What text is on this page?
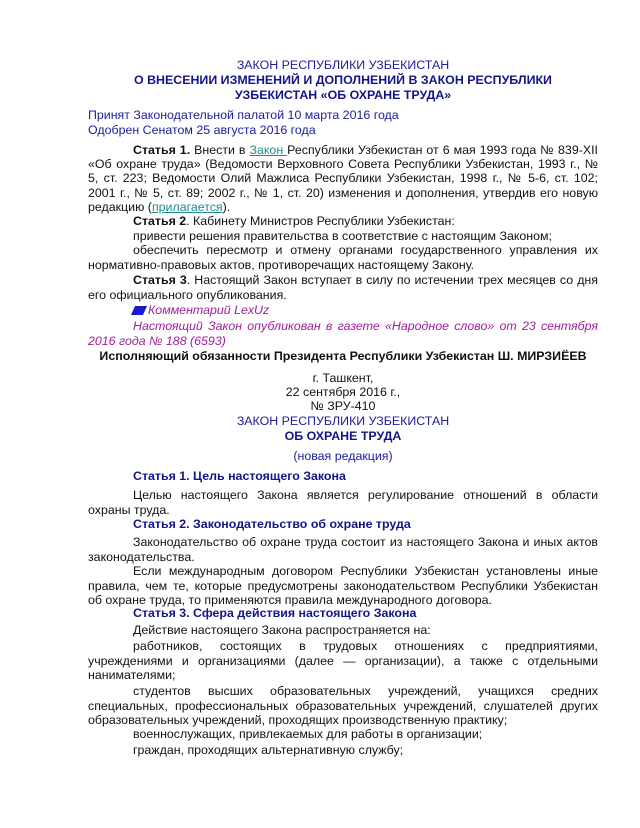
ЗАКОН РЕСПУБЛИКИ УЗБЕКИСТАН
О ВНЕСЕНИИ ИЗМЕНЕНИЙ И ДОПОЛНЕНИЙ В ЗАКОН РЕСПУБЛИКИ
УЗБЕКИСТАН «ОБ ОХРАНЕ ТРУДА»
Принят Законодательной палатой 10 марта 2016 года
Одобрен Сенатом 25 августа 2016 года
Статья 1. Внести в Закон Республики Узбекистан от 6 мая 1993 года № 839-XII «Об охране труда» (Ведомости Верховного Совета Республики Узбекистан, 1993 г., № 5, ст. 223; Ведомости Олий Мажлиса Республики Узбекистан, 1998 г., № 5-6, ст. 102; 2001 г., № 5, ст. 89; 2002 г., № 1, ст. 20) изменения и дополнения, утвердив его новую редакцию (прилагается).
Статья 2. Кабинету Министров Республики Узбекистан:
привести решения правительства в соответствие с настоящим Законом;
обеспечить пересмотр и отмену органами государственного управления их нормативно-правовых актов, противоречащих настоящему Закону.
Статья 3. Настоящий Закон вступает в силу по истечении трех месяцев со дня его официального опубликования.
Комментарий LexUz
Настоящий Закон опубликован в газете «Народное слово» от 23 сентября 2016 года № 188 (6593)
Исполняющий обязанности Президента Республики Узбекистан Ш. МИРЗИЁЕВ
г. Ташкент,
22 сентября 2016 г.,
№ ЗРУ-410
ЗАКОН РЕСПУБЛИКИ УЗБЕКИСТАН
ОБ ОХРАНЕ ТРУДА
(новая редакция)
Статья 1. Цель настоящего Закона
Целью настоящего Закона является регулирование отношений в области охраны труда.
Статья 2. Законодательство об охране труда
Законодательство об охране труда состоит из настоящего Закона и иных актов законодательства.
Если международным договором Республики Узбекистан установлены иные правила, чем те, которые предусмотрены законодательством Республики Узбекистан об охране труда, то применяются правила международного договора.
Статья 3. Сфера действия настоящего Закона
Действие настоящего Закона распространяется на:
работников, состоящих в трудовых отношениях с предприятиями, учреждениями и организациями (далее — организации), а также с отдельными нанимателями;
студентов высших образовательных учреждений, учащихся средних специальных, профессиональных образовательных учреждений, слушателей других образовательных учреждений, проходящих производственную практику;
военнослужащих, привлекаемых для работы в организации;
граждан, проходящих альтернативную службу;
